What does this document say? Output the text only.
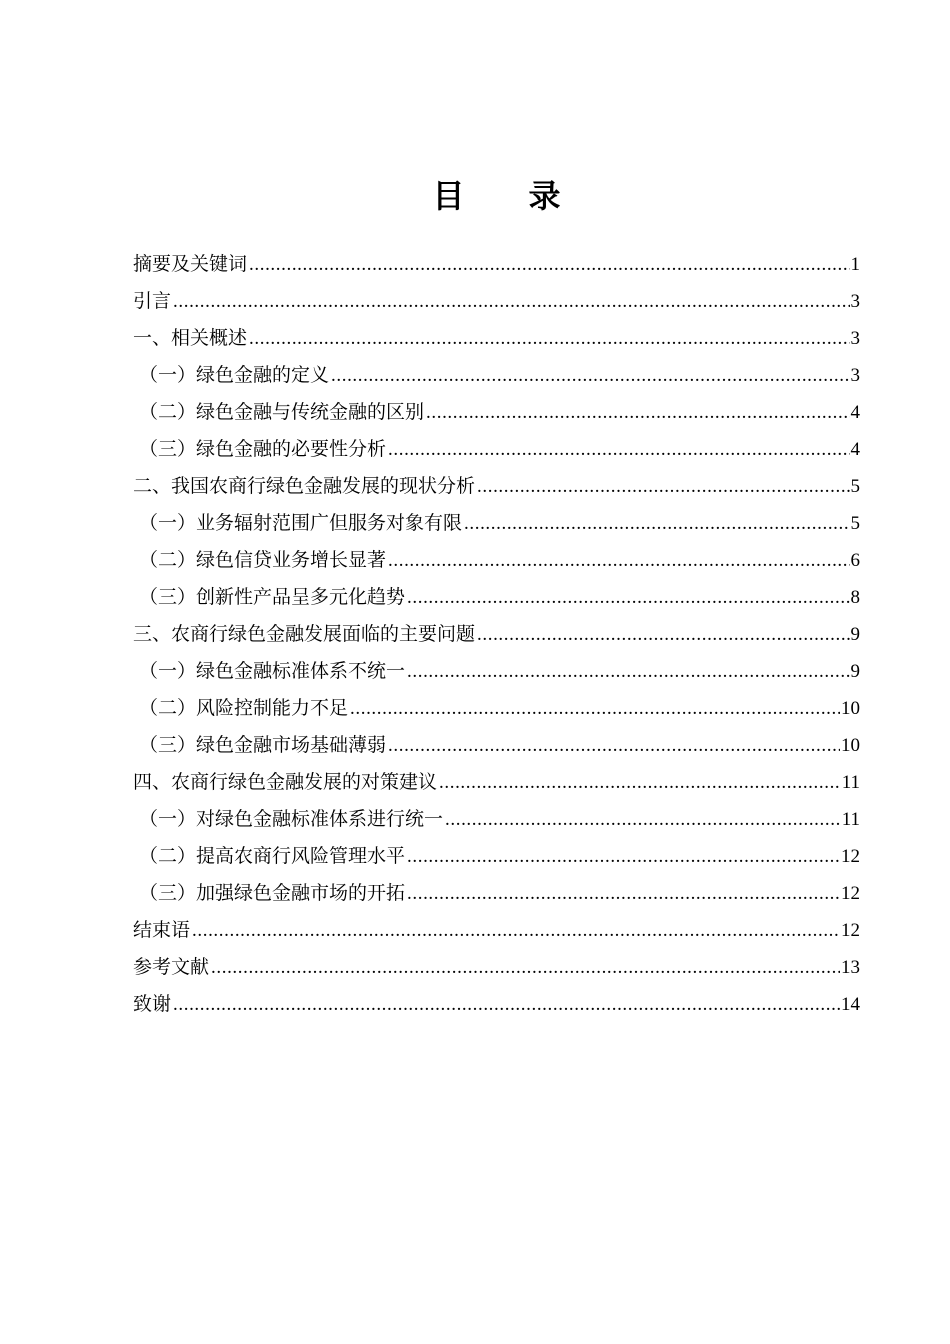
目　　录
摘要及关键词 .....	1
引言 .....	3
一、相关概述 .....	3
（一）绿色金融的定义 .....	3
（二）绿色金融与传统金融的区别 .....	4
（三）绿色金融的必要性分析 .....	4
二、我国农商行绿色金融发展的现状分析 .....	5
（一）业务辐射范围广但服务对象有限 .....	5
（二）绿色信贷业务增长显著 .....	6
（三）创新性产品呈多元化趋势 .....	8
三、农商行绿色金融发展面临的主要问题 .....	9
（一）绿色金融标准体系不统一 .....	9
（二）风险控制能力不足 .....	10
（三）绿色金融市场基础薄弱 .....	10
四、农商行绿色金融发展的对策建议 .....	11
（一）对绿色金融标准体系进行统一 .....	11
（二）提高农商行风险管理水平 .....	12
（三）加强绿色金融市场的开拓 .....	12
结束语 .....	12
参考文献 .....	13
致谢 .....	14
